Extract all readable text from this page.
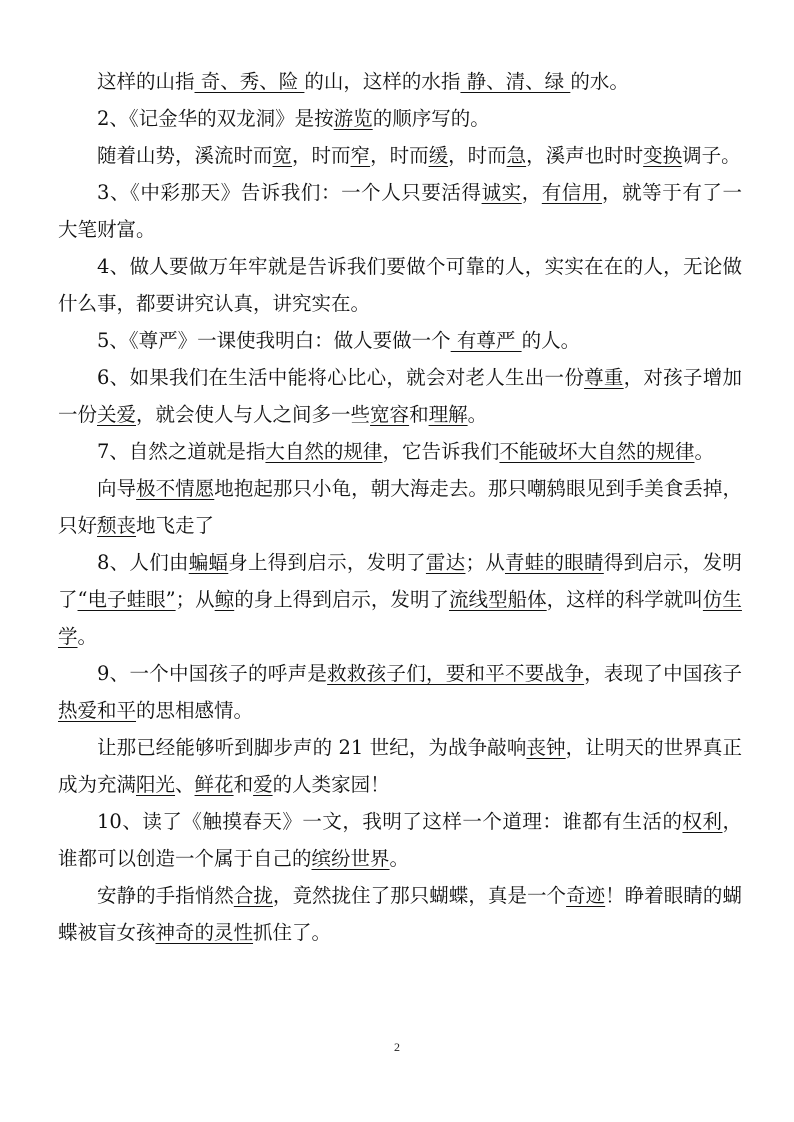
这样的山指 奇、秀、险 的山，这样的水指 静、清、绿 的水。

2、《记金华的双龙洞》是按游览的顺序写的。

随着山势，溪流时而宽，时而窄，时而缓，时而急，溪声也时时变换调子。

3、《中彩那天》告诉我们：一个人只要活得诚实，有信用，就等于有了一大笔财富。

4、做人要做万年牢就是告诉我们要做个可靠的人，实实在在的人，无论做什么事，都要讲究认真，讲究实在。

5、《尊严》一课使我明白：做人要做一个 有尊严 的人。

6、如果我们在生活中能将心比心，就会对老人生出一份尊重，对孩子增加一份关爱，就会使人与人之间多一些宽容和理解。

7、自然之道就是指大自然的规律，它告诉我们不能破坏大自然的规律。

向导极不情愿地抱起那只小龟，朝大海走去。那只嘲鸫眼见到手美食丢掉，只好颓丧地飞走了

8、人们由蝙蝠身上得到启示，发明了雷达；从青蛙的眼睛得到启示，发明了“电子蛙眼”；从鲸的身上得到启示，发明了流线型船体，这样的科学就叫仿生学。

9、一个中国孩子的呼声是救救孩子们，要和平不要战争，表现了中国孩子热爱和平的思相感情。

让那已经能够听到脚步声的 21 世纪，为战争敲响丧钟，让明天的世界真正成为充满阳光、鲜花和爱的人类家园！

10、读了《触摸春天》一文，我明了这样一个道理：谁都有生活的权利，谁都可以创造一个属于自己的缤纷世界。

安静的手指悄然合拢，竟然拢住了那只蝴蝶，真是一个奇迹！睁着眼睛的蝴蝶被盲女孩神奇的灵性抓住了。

2
